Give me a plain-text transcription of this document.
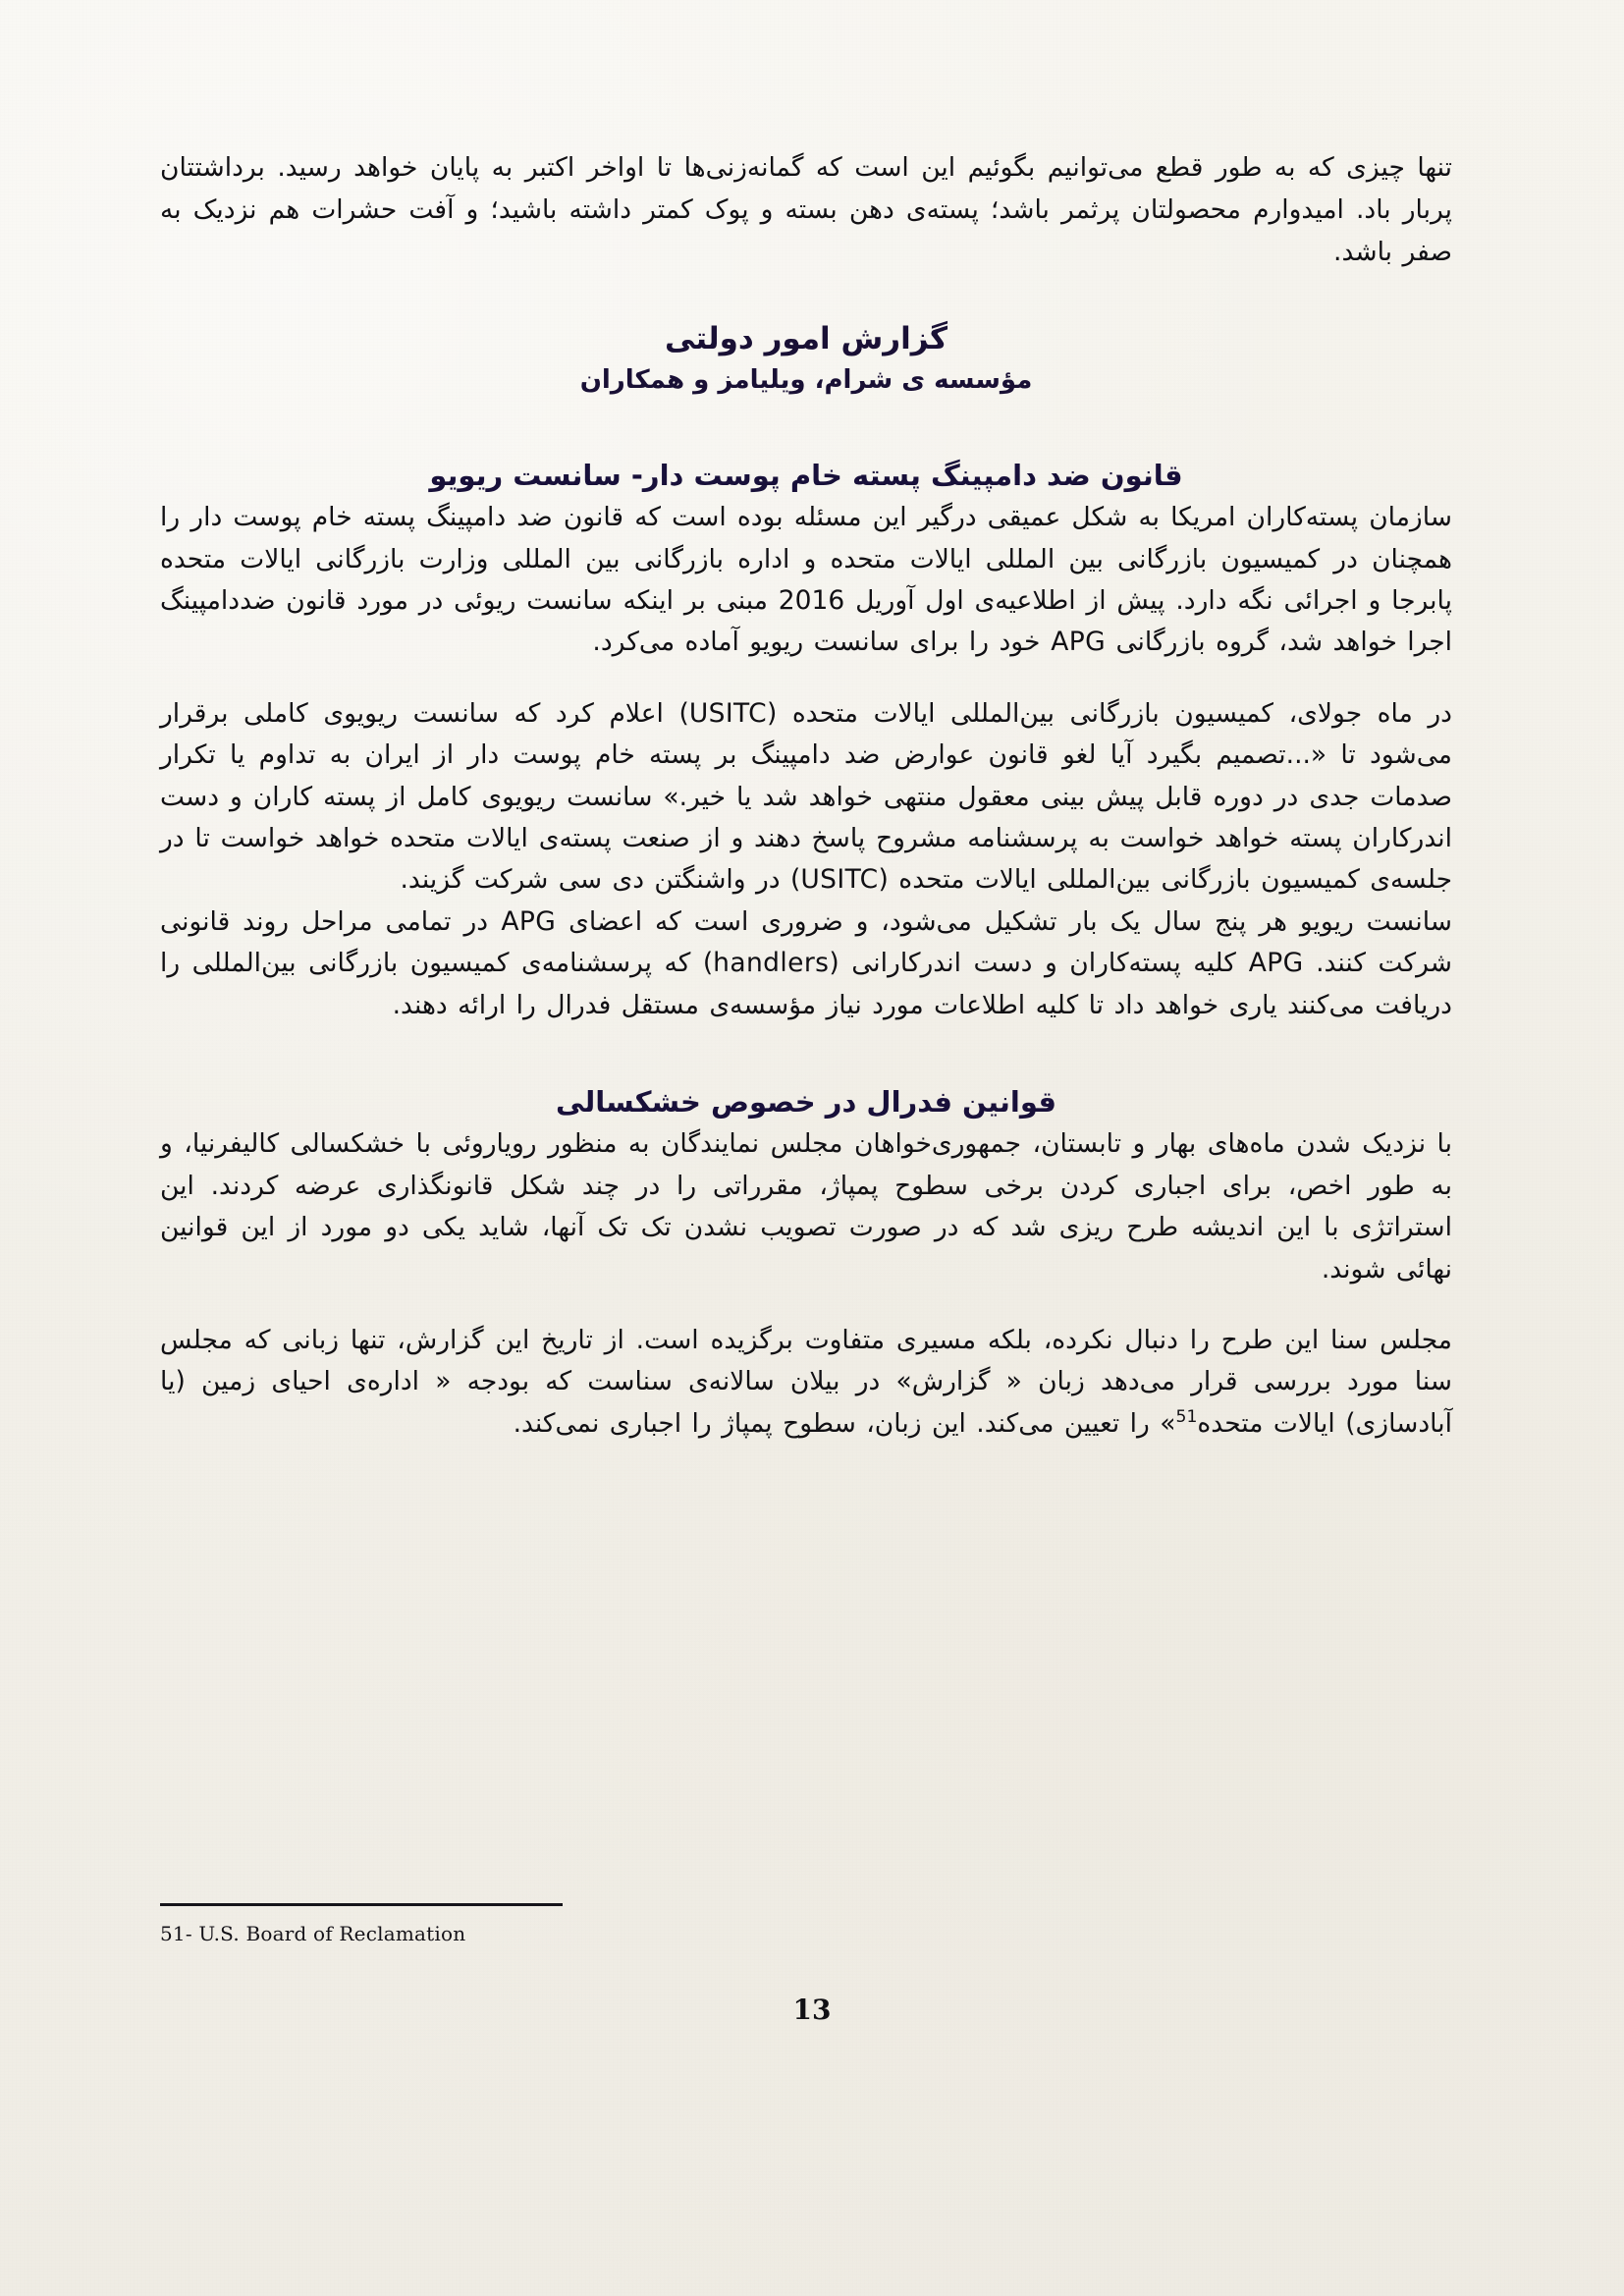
تنها چیزی که به طور قطع می‌توانیم بگوئیم این است که گمانه‌زنی‌ها تا اواخر اکتبر به پایان خواهد رسید. برداشتتان پربار باد. امیدوارم محصولتان پرثمر باشد؛ پسته‌ی دهن بسته و پوک کمتر داشته باشید؛ و آفت حشرات هم نزدیک به صفر باشد.

گزارش امور دولتی
مؤسسه ی شرام، ویلیامز و همکاران
قانون ضد دامپینگ پسته خام پوست دار- سانست ریویو

سازمان پسته‌کاران امریکا به شکل عمیقی درگیر این مسئله بوده است که قانون ضد دامپینگ پسته خام پوست دار را همچنان در کمیسیون بازرگانی بین المللی ایالات متحده و اداره بازرگانی بین المللی وزارت بازرگانی ایالات متحده پابرجا و اجرائی نگه دارد. پیش از اطلاعیه‌ی اول آوریل 2016 مبنی بر اینکه سانست ریوئی در مورد قانون ضددامپینگ اجرا خواهد شد، گروه بازرگانی APG خود را برای سانست ریویو آماده می‌کرد.

در ماه جولای، کمیسیون بازرگانی بین‌المللی ایالات متحده (USITC) اعلام کرد که سانست ریویوی کاملی برقرار می‌شود تا «...تصمیم بگیرد آیا لغو قانون عوارض ضد دامپینگ بر پسته خام پوست دار از ایران به تداوم یا تکرار صدمات جدی در دوره قابل پیش بینی معقول منتهی خواهد شد یا خیر.» سانست ریویوی کامل از پسته کاران و دست اندرکاران پسته خواهد خواست به پرسشنامه مشروح پاسخ دهند و از صنعت پسته‌ی ایالات متحده خواهد خواست تا در جلسه‌ی کمیسیون بازرگانی بین‌المللی ایالات متحده (USITC) در واشنگتن دی سی شرکت گزیند.

سانست ریویو هر پنج سال یک بار تشکیل می‌شود، و ضروری است که اعضای APG در تمامی مراحل روند قانونی شرکت کنند. APG کلیه پسته‌کاران و دست اندرکارانی (handlers) که پرسشنامه‌ی کمیسیون بازرگانی بین‌المللی را دریافت می‌کنند یاری خواهد داد تا کلیه اطلاعات مورد نیاز مؤسسه‌ی مستقل فدرال را ارائه دهند.

قوانین فدرال در خصوص خشکسالی

با نزدیک شدن ماه‌های بهار و تابستان، جمهوری‌خواهان مجلس نمایندگان به منظور رویاروئی با خشکسالی کالیفرنیا، و به طور اخص، برای اجباری کردن برخی سطوح پمپاژ، مقرراتی را در چند شکل قانونگذاری عرضه کردند. این استراتژی با این اندیشه طرح ریزی شد که در صورت تصویب نشدن تک تک آنها، شاید یکی دو مورد از این قوانین نهائی شوند.

مجلس سنا این طرح را دنبال نکرده، بلکه مسیری متفاوت برگزیده است. از تاریخ این گزارش، تنها زبانی که مجلس سنا مورد بررسی قرار می‌دهد زبان « گزارش» در بیلان سالانه‌ی سناست که بودجه « اداره‌ی احیای زمین (یا آبادسازی) ایالات متحده$^{51}$» را تعیین می‌کند. این زبان، سطوح پمپاژ را اجباری نمی‌کند.

51- U.S. Board of Reclamation
13
